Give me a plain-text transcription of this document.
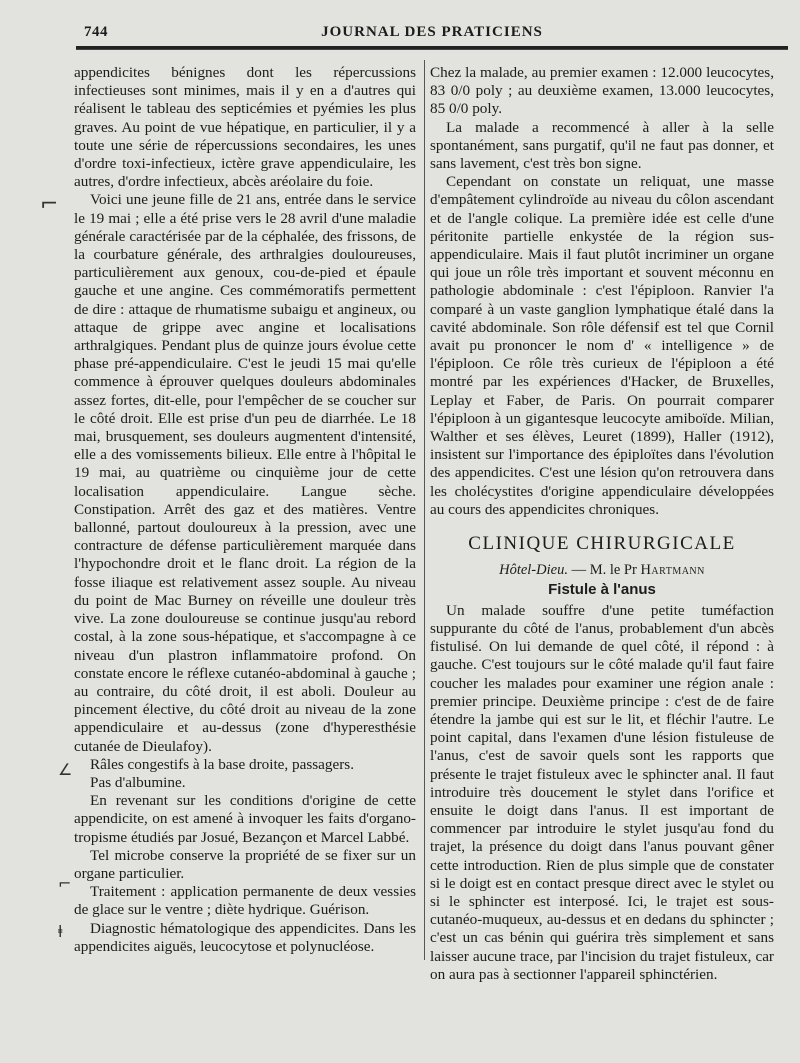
744	JOURNAL DES PRATICIENS
⌐
∠
⌐
ⱡ

appendicites bénignes dont les répercussions infectieuses sont minimes, mais il y en a d'autres qui réalisent le tableau des septicémies et pyémies les plus graves. Au point de vue hépatique, en particulier, il y a toute une série de répercussions secondaires, les unes d'ordre toxi-infectieux, ictère grave appendiculaire, les autres, d'ordre infectieux, abcès aréolaire du foie.

Voici une jeune fille de 21 ans, entrée dans le service le 19 mai ; elle a été prise vers le 28 avril d'une maladie générale caractérisée par de la céphalée, des frissons, de la courbature générale, des arthralgies douloureuses, particulièrement aux genoux, cou-de-pied et épaule gauche et une angine. Ces commémoratifs permettent de dire : attaque de rhumatisme subaigu et angineux, ou attaque de grippe avec angine et localisations arthralgiques. Pendant plus de quinze jours évolue cette phase pré-appendiculaire. C'est le jeudi 15 mai qu'elle commence à éprouver quelques douleurs abdominales assez fortes, dit-elle, pour l'empêcher de se coucher sur le côté droit. Elle est prise d'un peu de diarrhée. Le 18 mai, brusquement, ses douleurs augmentent d'intensité, elle a des vomissements bilieux. Elle entre à l'hôpital le 19 mai, au quatrième ou cinquième jour de cette localisation appendiculaire. Langue sèche. Constipation. Arrêt des gaz et des matières. Ventre ballonné, partout douloureux à la pression, avec une contracture de défense particulièrement marquée dans l'hypochondre droit et le flanc droit. La région de la fosse iliaque est relativement assez souple. Au niveau du point de Mac Burney on réveille une douleur très vive. La zone douloureuse se continue jusqu'au rebord costal, à la zone sous-hépatique, et s'accompagne à ce niveau d'un plastron inflammatoire profond. On constate encore le réflexe cutanéo-abdominal à gauche ; au contraire, du côté droit, il est aboli. Douleur au pincement élective, du côté droit au niveau de la zone appendiculaire et au-dessus (zone d'hyperesthésie cutanée de Dieulafoy).

Râles congestifs à la base droite, passagers.

Pas d'albumine.

En revenant sur les conditions d'origine de cette appendicite, on est amené à invoquer les faits d'organo-tropisme étudiés par Josué, Bezançon et Marcel Labbé.

Tel microbe conserve la propriété de se fixer sur un organe particulier.

Traitement : application permanente de deux vessies de glace sur le ventre ; diète hydrique. Guérison.

Diagnostic hématologique des appendicites. Dans les appendicites aiguës, leucocytose et polynucléose.

Chez la malade, au premier examen : 12.000 leucocytes, 83 0/0 poly ; au deuxième examen, 13.000 leucocytes, 85 0/0 poly.

La malade a recommencé à aller à la selle spontanément, sans purgatif, qu'il ne faut pas donner, et sans lavement, c'est très bon signe.

Cependant on constate un reliquat, une masse d'empâtement cylindroïde au niveau du côlon ascendant et de l'angle colique. La première idée est celle d'une péritonite partielle enkystée de la région sus-appendiculaire. Mais il faut plutôt incriminer un organe qui joue un rôle très important et souvent méconnu en pathologie abdominale : c'est l'épiploon. Ranvier l'a comparé à un vaste ganglion lymphatique étalé dans la cavité abdominale. Son rôle défensif est tel que Cornil avait pu prononcer le nom d' « intelligence » de l'épiploon. Ce rôle très curieux de l'épiploon a été montré par les expériences d'Hacker, de Bruxelles, Leplay et Faber, de Paris. On pourrait comparer l'épiploon à un gigantesque leucocyte amiboïde. Milian, Walther et ses élèves, Leuret (1899), Haller (1912), insistent sur l'importance des épiploïtes dans l'évolution des appendicites. C'est une lésion qu'on retrouvera dans les cholécystites d'origine appendiculaire développées au cours des appendicites chroniques.

CLINIQUE CHIRURGICALE
Hôtel-Dieu. — M. le Pr Hartmann
Fistule à l'anus

Un malade souffre d'une petite tuméfaction suppurante du côté de l'anus, probablement d'un abcès fistulisé. On lui demande de quel côté, il répond : à gauche. C'est toujours sur le côté malade qu'il faut faire coucher les malades pour examiner une région anale : premier principe. Deuxième principe : c'est de de faire étendre la jambe qui est sur le lit, et fléchir l'autre. Le point capital, dans l'examen d'une lésion fistuleuse de l'anus, c'est de savoir quels sont les rapports que présente le trajet fistuleux avec le sphincter anal. Il faut introduire très doucement le stylet dans l'orifice et ensuite le doigt dans l'anus. Il est important de commencer par introduire le stylet jusqu'au fond du trajet, la présence du doigt dans l'anus pouvant gêner cette introduction. Rien de plus simple que de constater si le doigt est en contact presque direct avec le stylet ou si le sphincter est interposé. Ici, le trajet est sous-cutanéo-muqueux, au-dessus et en dedans du sphincter ; c'est un cas bénin qui guérira très simplement et sans laisser aucune trace, par l'incision du trajet fistuleux, car on aura pas à sectionner l'appareil sphinctérien.
